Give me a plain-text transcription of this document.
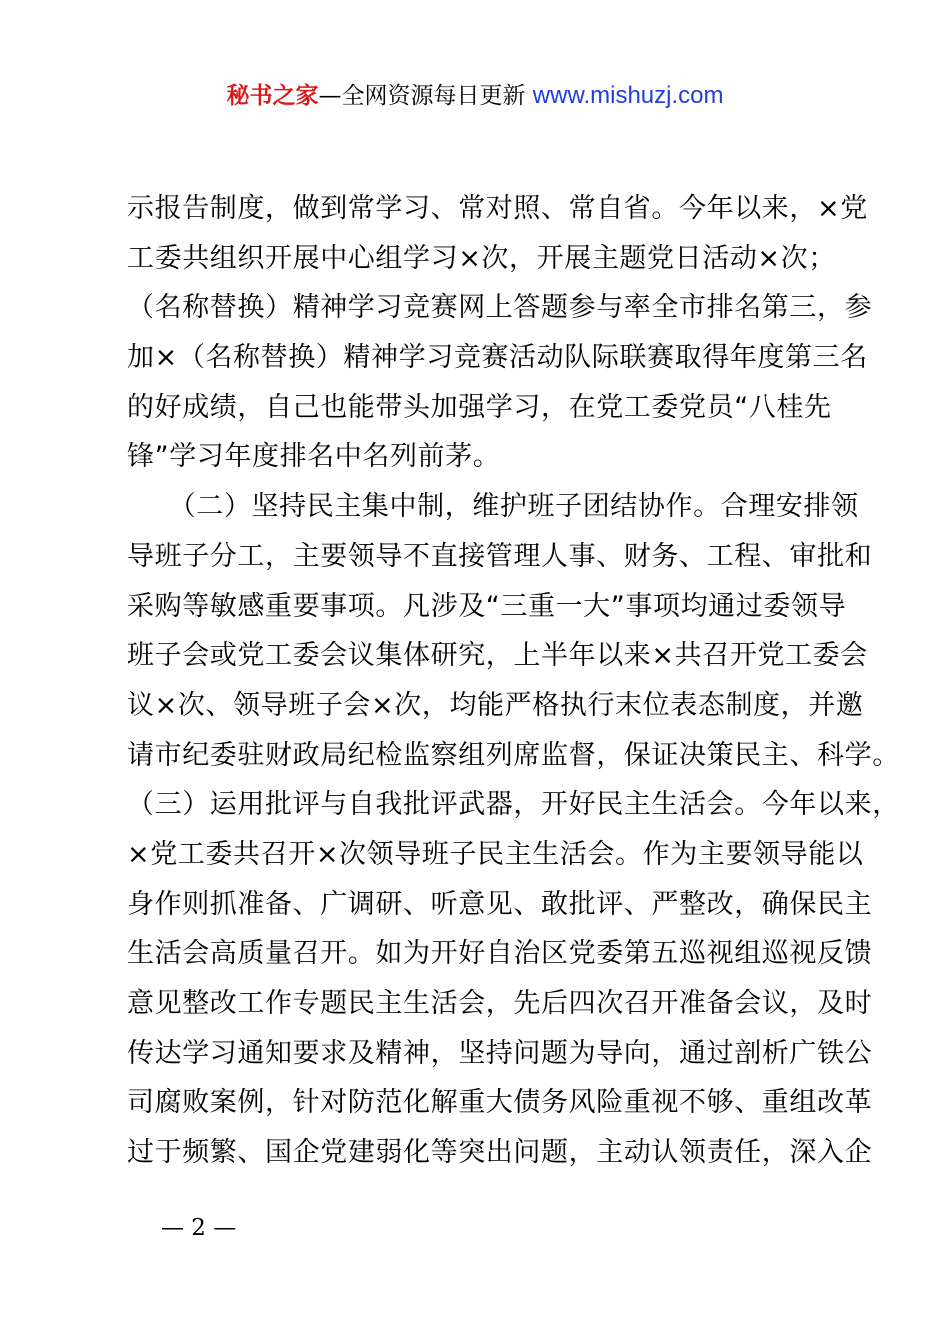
秘书之家—全网资源每日更新 www.mishuzj.com
示报告制度，做到常学习、常对照、常自省。今年以来，×党
工委共组织开展中心组学习×次，开展主题党日活动×次；
（名称替换）精神学习竞赛网上答题参与率全市排名第三，参
加×（名称替换）精神学习竞赛活动队际联赛取得年度第三名
的好成绩，自己也能带头加强学习，在党工委党员“八桂先
锋”学习年度排名中名列前茅。
　　（二）坚持民主集中制，维护班子团结协作。合理安排领
导班子分工，主要领导不直接管理人事、财务、工程、审批和
采购等敏感重要事项。凡涉及“三重一大”事项均通过委领导
班子会或党工委会议集体研究，上半年以来×共召开党工委会
议×次、领导班子会×次，均能严格执行末位表态制度，并邀
请市纪委驻财政局纪检监察组列席监督，保证决策民主、科学。
（三）运用批评与自我批评武器，开好民主生活会。今年以来，
×党工委共召开×次领导班子民主生活会。作为主要领导能以
身作则抓准备、广调研、听意见、敢批评、严整改，确保民主
生活会高质量召开。如为开好自治区党委第五巡视组巡视反馈
意见整改工作专题民主生活会，先后四次召开准备会议，及时
传达学习通知要求及精神，坚持问题为导向，通过剖析广铁公
司腐败案例，针对防范化解重大债务风险重视不够、重组改革
过于频繁、国企党建弱化等突出问题，主动认领责任，深入企
— 2 —
